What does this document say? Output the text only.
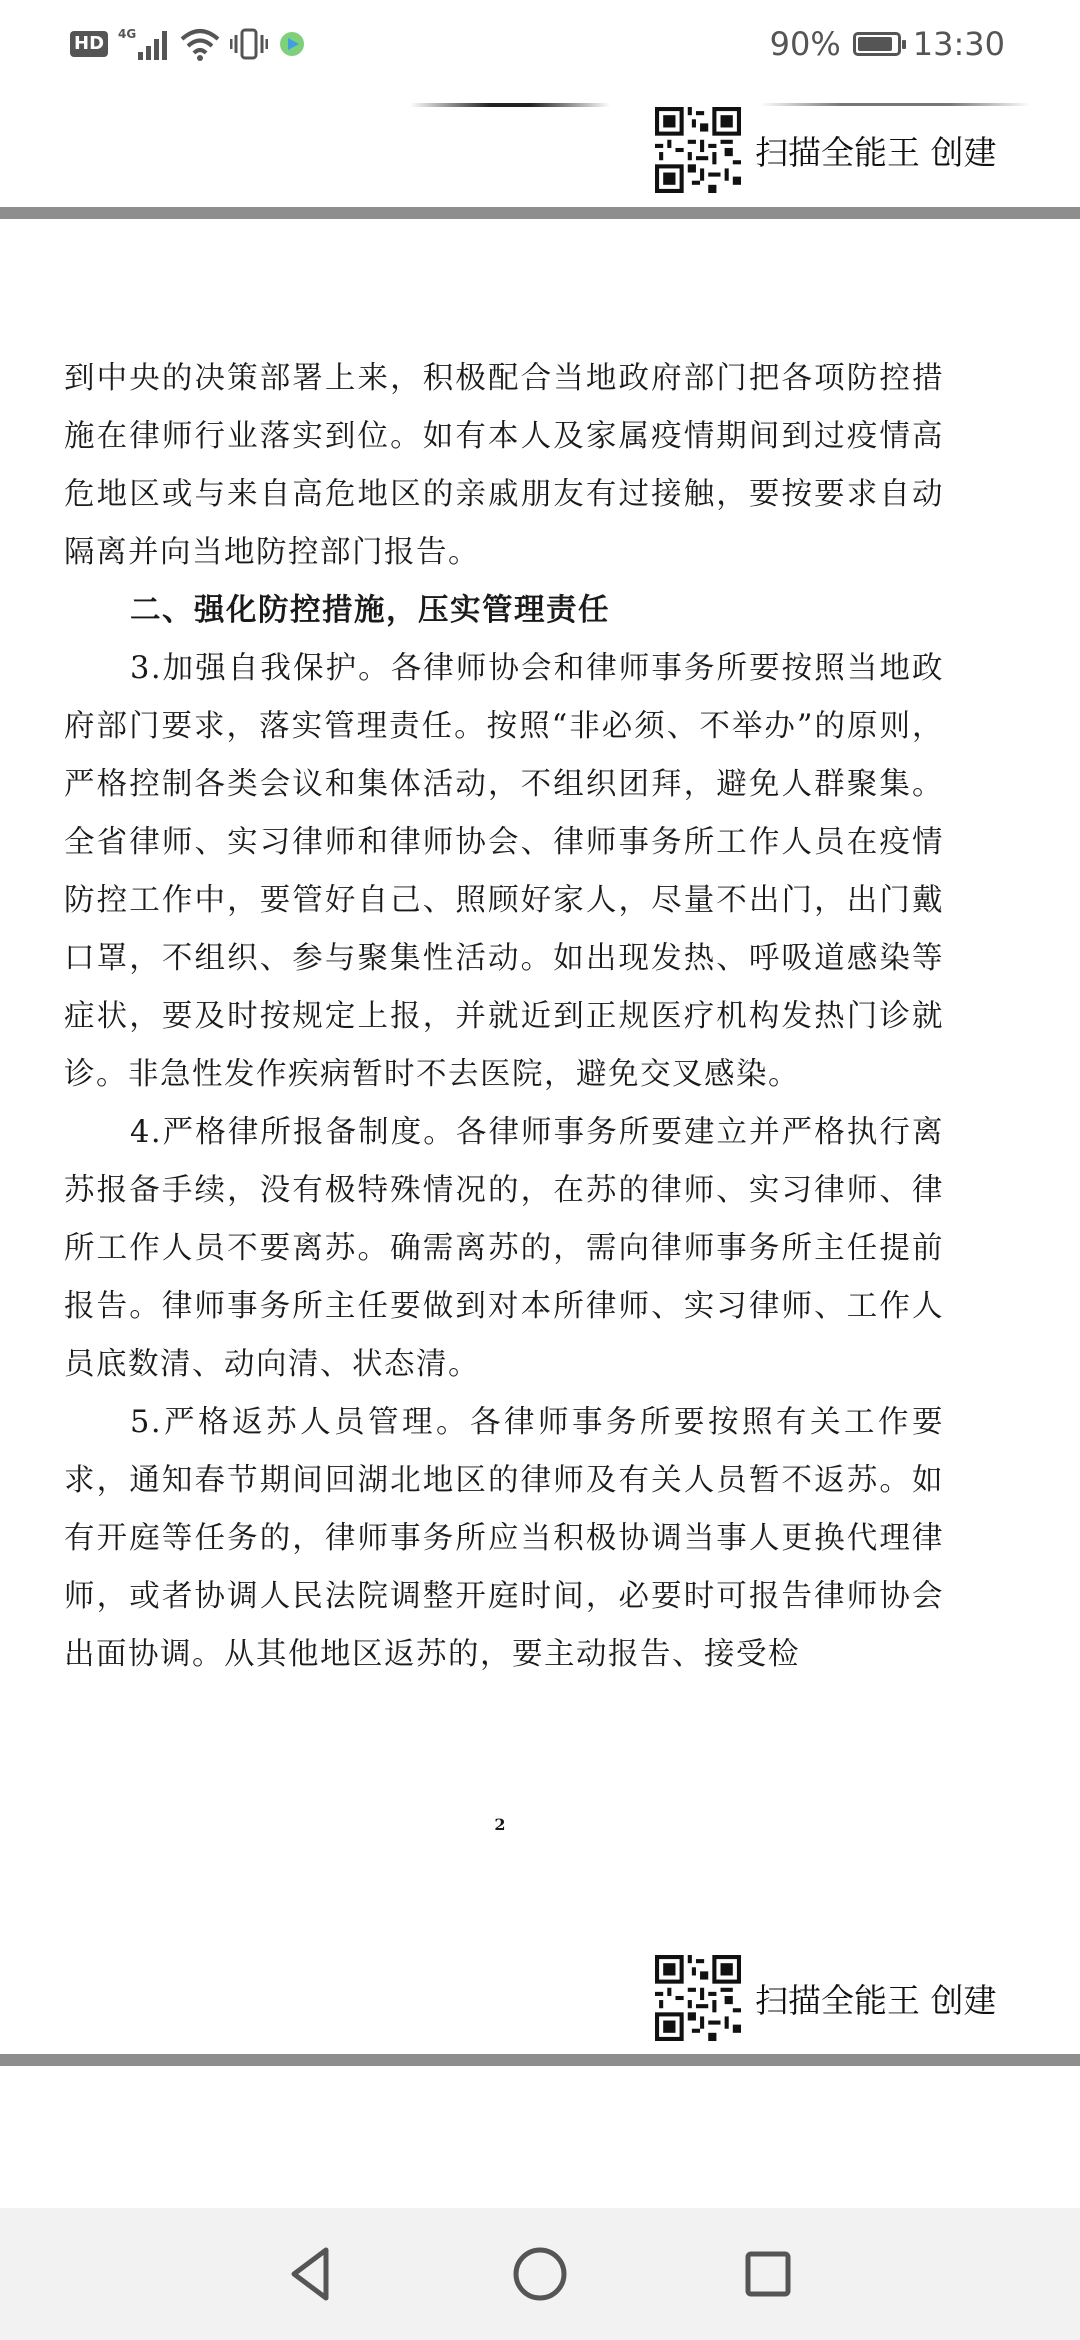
HD	4G	90% 13:30
扫描全能王 创建

到中央的决策部署上来，积极配合当地政府部门把各项防控措施在律师行业落实到位。如有本人及家属疫情期间到过疫情高危地区或与来自高危地区的亲戚朋友有过接触，要按要求自动隔离并向当地防控部门报告。

二、强化防控措施，压实管理责任

3.加强自我保护。各律师协会和律师事务所要按照当地政府部门要求，落实管理责任。按照“非必须、不举办”的原则，严格控制各类会议和集体活动，不组织团拜，避免人群聚集。全省律师、实习律师和律师协会、律师事务所工作人员在疫情防控工作中，要管好自己、照顾好家人，尽量不出门，出门戴口罩，不组织、参与聚集性活动。如出现发热、呼吸道感染等症状，要及时按规定上报，并就近到正规医疗机构发热门诊就诊。非急性发作疾病暂时不去医院，避免交叉感染。

4.严格律所报备制度。各律师事务所要建立并严格执行离苏报备手续，没有极特殊情况的，在苏的律师、实习律师、律所工作人员不要离苏。确需离苏的，需向律师事务所主任提前报告。律师事务所主任要做到对本所律师、实习律师、工作人员底数清、动向清、状态清。

5.严格返苏人员管理。各律师事务所要按照有关工作要求，通知春节期间回湖北地区的律师及有关人员暂不返苏。如有开庭等任务的，律师事务所应当积极协调当事人更换代理律师，或者协调人民法院调整开庭时间，必要时可报告律师协会出面协调。从其他地区返苏的，要主动报告、接受检

2
扫描全能王 创建
